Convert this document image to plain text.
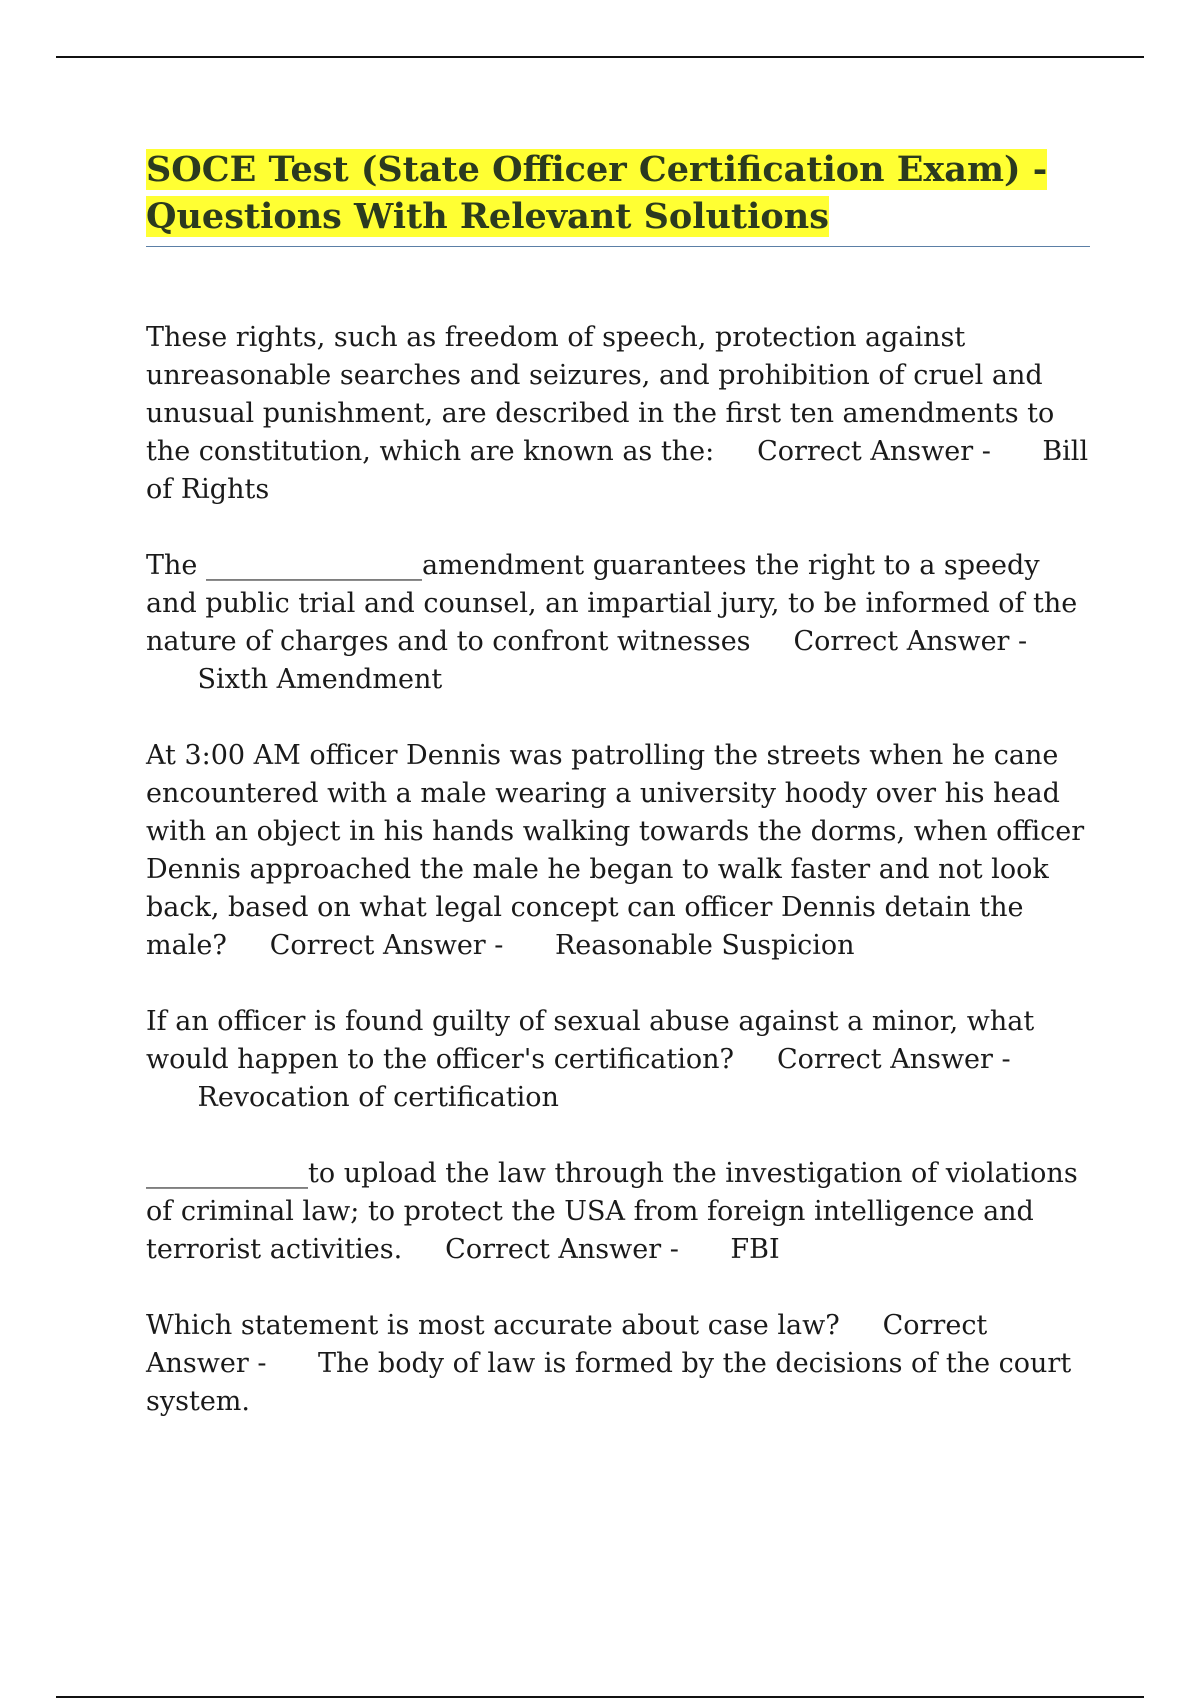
SOCE Test (State Officer Certification Exam) - Questions With Relevant Solutions

These rights, such as freedom of speech, protection against unreasonable searches and seizures, and prohibition of cruel and unusual punishment, are described in the first ten amendments to the constitution, which are known as the: Correct Answer - Bill of Rights

The ________________amendment guarantees the right to a speedy and public trial and counsel, an impartial jury, to be informed of the nature of charges and to confront witnesses Correct Answer -      Sixth Amendment

At 3:00 AM officer Dennis was patrolling the streets when he cane encountered with a male wearing a university hoody over his head with an object in his hands walking towards the dorms, when officer Dennis approached the male he began to walk faster and not look back, based on what legal concept can officer Dennis detain the male? Correct Answer - Reasonable Suspicion

If an officer is found guilty of sexual abuse against a minor, what would happen to the officer's certification? Correct Answer -      Revocation of certification

____________to upload the law through the investigation of violations of criminal law; to protect the USA from foreign intelligence and terrorist activities. Correct Answer - FBI

Which statement is most accurate about case law? Correct Answer - The body of law is formed by the decisions of the court system.
